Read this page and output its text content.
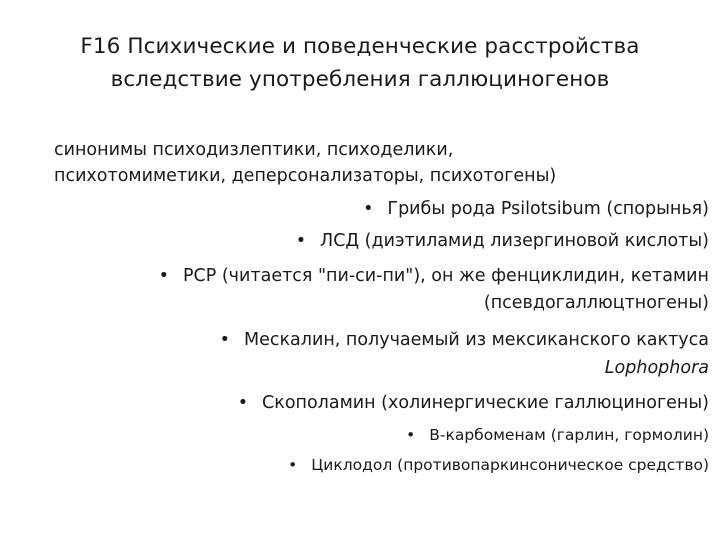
F16 Психические и поведенческие расстройства
вследствие употребления галлюциногенов
синонимы психодизлептики, психоделики,
психотомиметики, деперсонализаторы, психотогены)
• Грибы рода Psilotsibum (спорынья)
• ЛСД (диэтиламид лизергиновой кислоты)
• PCP (читается "пи-си-пи"), он же фенциклидин, кетамин
(псевдогаллюцтногены)
• Мескалин, получаемый из мексиканского кактуса
Lophophora
• Скополамин (холинергические галлюциногены)
• В-карбоменам (гарлин, гормолин)
• Циклодол (противопаркинсоническое средство)
